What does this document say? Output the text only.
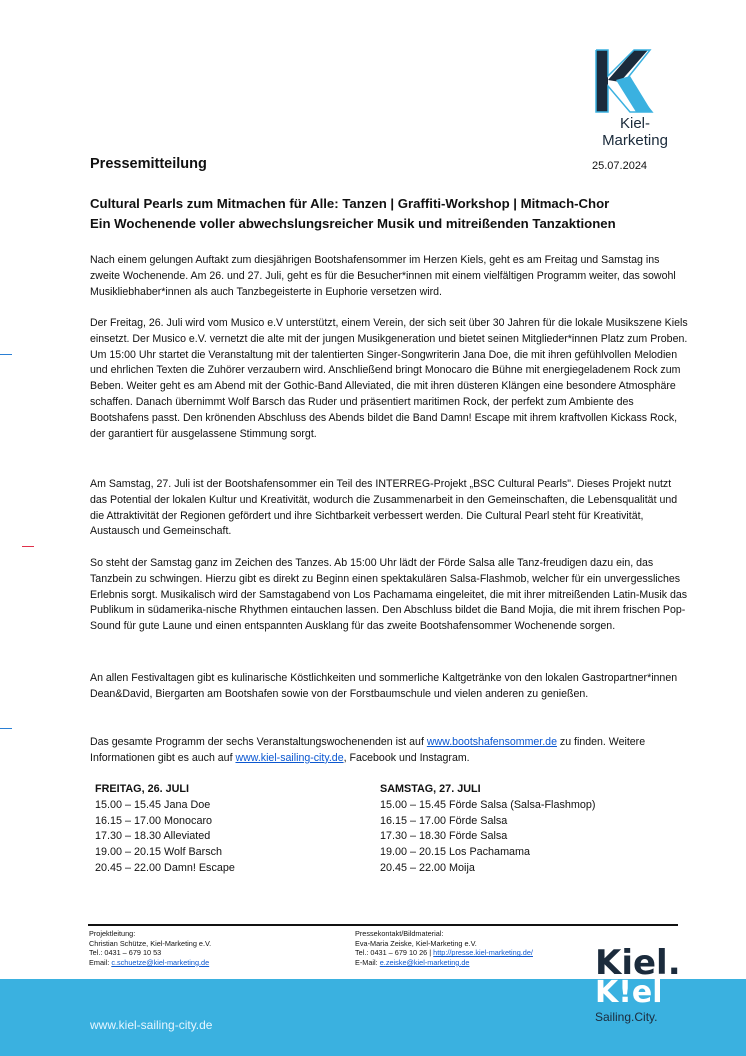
Kiel-Marketing
Pressemitteilung	25.07.2024
Cultural Pearls zum Mitmachen für Alle: Tanzen | Graffiti-Workshop | Mitmach-Chor
Ein Wochenende voller abwechslungsreicher Musik und mitreißenden Tanzaktionen

Nach einem gelungen Auftakt zum diesjährigen Bootshafensommer im Herzen Kiels, geht es am Freitag und Samstag ins zweite Wochenende. Am 26. und 27. Juli, geht es für die Besucher*innen mit einem vielfältigen Programm weiter, das sowohl Musikliebhaber*innen als auch Tanzbegeisterte in Euphorie versetzen wird.

Der Freitag, 26. Juli wird vom Musico e.V unterstützt, einem Verein, der sich seit über 30 Jahren für die lokale Musikszene Kiels einsetzt. Der Musico e.V. vernetzt die alte mit der jungen Musikgeneration und bietet seinen Mitglieder*innen Platz zum Proben. Um 15:00 Uhr startet die Veranstaltung mit der talentierten Singer-Songwriterin Jana Doe, die mit ihren gefühlvollen Melodien und ehrlichen Texten die Zuhörer verzaubern wird. Anschließend bringt Monocaro die Bühne mit energiegeladenem Rock zum Beben. Weiter geht es am Abend mit der Gothic-Band Alleviated, die mit ihren düsteren Klängen eine besondere Atmosphäre schaffen. Danach übernimmt Wolf Barsch das Ruder und präsentiert maritimen Rock, der perfekt zum Ambiente des Bootshafens passt. Den krönenden Abschluss des Abends bildet die Band Damn! Escape mit ihrem kraftvollen Kickass Rock, der garantiert für ausgelassene Stimmung sorgt.

Am Samstag, 27. Juli ist der Bootshafensommer ein Teil des INTERREG-Projekt „BSC Cultural Pearls". Dieses Projekt nutzt das Potential der lokalen Kultur und Kreativität, wodurch die Zusammenarbeit in den Gemeinschaften, die Lebensqualität und die Attraktivität der Regionen gefördert und ihre Sichtbarkeit verbessert werden. Die Cultural Pearl steht für Kreativität, Austausch und Gemeinschaft.

So steht der Samstag ganz im Zeichen des Tanzes. Ab 15:00 Uhr lädt der Förde Salsa alle Tanz-freudigen dazu ein, das Tanzbein zu schwingen. Hierzu gibt es direkt zu Beginn einen spektakulären Salsa-Flashmob, welcher für ein unvergessliches Erlebnis sorgt. Musikalisch wird der Samstagabend von Los Pachamama eingeleitet, die mit ihrer mitreißenden Latin-Musik das Publikum in südamerika-nische Rhythmen eintauchen lassen. Den Abschluss bildet die Band Mojia, die mit ihrem frischen Pop-Sound für gute Laune und einen entspannten Ausklang für das zweite Bootshafensommer Wochenende sorgen.

An allen Festivaltagen gibt es kulinarische Köstlichkeiten und sommerliche Kaltgetränke von den lokalen Gastropartner*innen Dean&David, Biergarten am Bootshafen sowie von der Forstbaumschule und vielen anderen zu genießen.

Das gesamte Programm der sechs Veranstaltungswochenenden ist auf www.bootshafensommer.de zu finden. Weitere Informationen gibt es auch auf www.kiel-sailing-city.de, Facebook und Instagram.

FREITAG, 26. JULI
15.00 – 15.45 Jana Doe
16.15 – 17.00 Monocaro
17.30 – 18.30 Alleviated
19.00 – 20.15 Wolf Barsch
20.45 – 22.00 Damn! Escape
SAMSTAG, 27. JULI
15.00 – 15.45 Förde Salsa (Salsa-Flashmop)
16.15 – 17.00 Förde Salsa
17.30 – 18.30 Förde Salsa
19.00 – 20.15 Los Pachamama
20.45 – 22.00 Moija
Projektleitung:
Christian Schütze, Kiel-Marketing e.V.
Tel.: 0431 – 679 10 53
Email: c.schuetze@kiel-marketing.de
Pressekontakt/Bildmaterial:
Eva-Maria Zeiske, Kiel-Marketing e.V.
Tel.: 0431 – 679 10 26 | http://presse.kiel-marketing.de/
E-Mail: e.zeiske@kiel-marketing.de
www.kiel-sailing-city.de
Kiel.
K!el
Sailing.City.
